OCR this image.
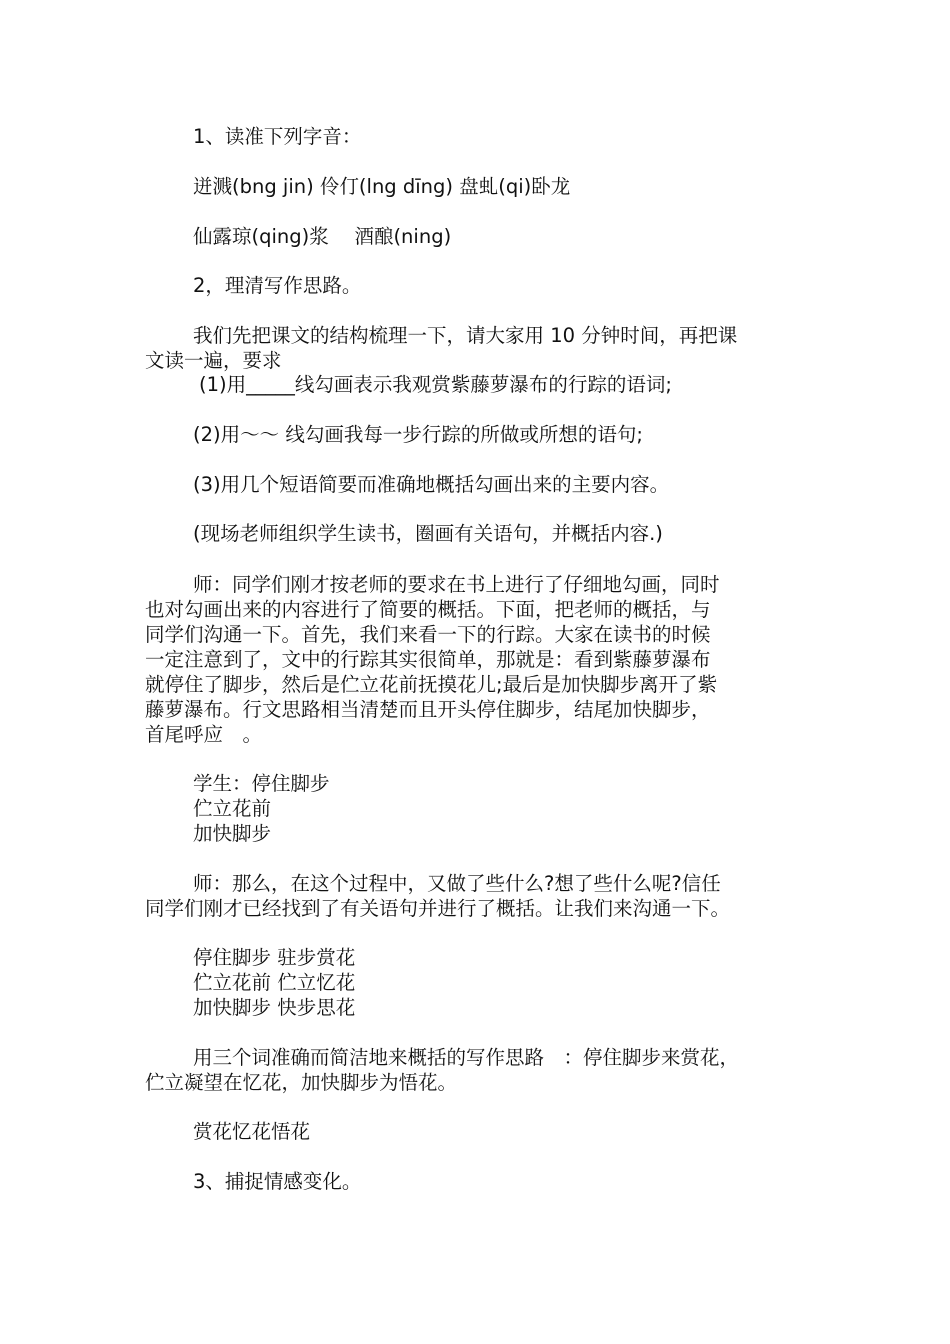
1、读准下列字音：

迸溅(bng jin) 伶仃(lng dīng) 盘虬(qi)卧龙

仙露琼(qing)浆　 酒酿(ning)

2，理清写作思路。

我们先把课文的结构梳理一下，请大家用 10 分钟时间，再把课

文读一遍，要求

(1)用_____线勾画表示我观赏紫藤萝瀑布的行踪的语词;

(2)用～～ 线勾画我每一步行踪的所做或所想的语句;

(3)用几个短语简要而准确地概括勾画出来的主要内容。

(现场老师组织学生读书，圈画有关语句，并概括内容.)

师：同学们刚才按老师的要求在书上进行了仔细地勾画，同时

也对勾画出来的内容进行了简要的概括。下面，把老师的概括，与

同学们沟通一下。首先，我们来看一下的行踪。大家在读书的时候

一定注意到了，文中的行踪其实很简单，那就是：看到紫藤萝瀑布

就停住了脚步，然后是伫立花前抚摸花儿;最后是加快脚步离开了紫

藤萝瀑布。行文思路相当清楚而且开头停住脚步，结尾加快脚步，

首尾呼应　。

学生：停住脚步

伫立花前

加快脚步

师：那么，在这个过程中，又做了些什么?想了些什么呢?信任

同学们刚才已经找到了有关语句并进行了概括。让我们来沟通一下。

停住脚步 驻步赏花

伫立花前 伫立忆花

加快脚步 快步思花

用三个词准确而简洁地来概括的写作思路　：停住脚步来赏花，

伫立凝望在忆花，加快脚步为悟花。

赏花忆花悟花

3、捕捉情感变化。
